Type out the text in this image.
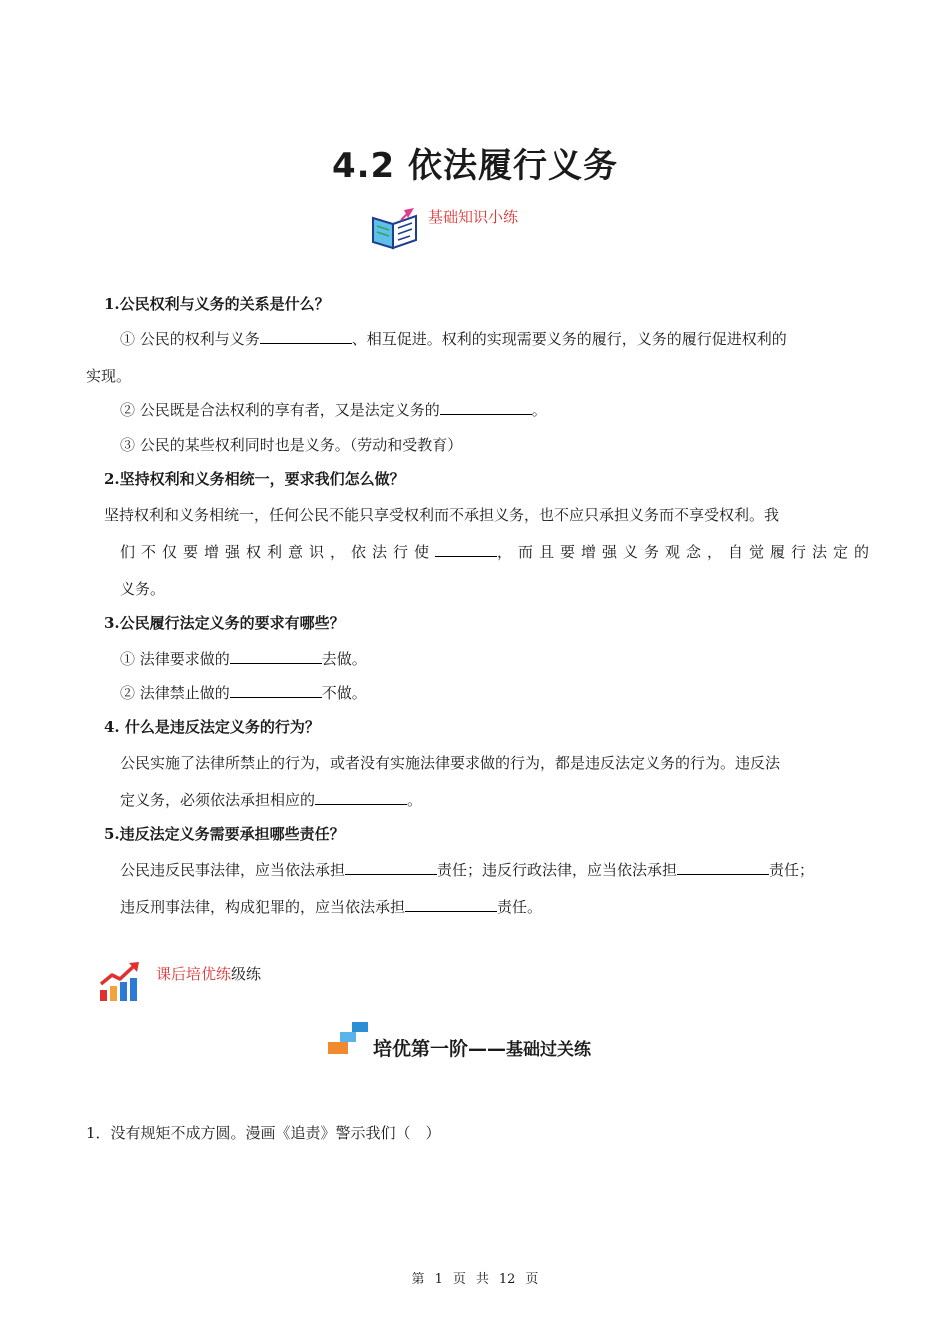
4.2 依法履行义务
基础知识小练
1.公民权利与义务的关系是什么？
① 公民的权利与义务	、相互促进。权利的实现需要义务的履行，义务的履行促进权利的
实现。
② 公民既是合法权利的享有者，又是法定义务的	。
③ 公民的某些权利同时也是义务。（劳动和受教育）
2.坚持权利和义务相统一，要求我们怎么做？
坚持权利和义务相统一，任何公民不能只享受权利而不承担义务，也不应只承担义务而不享受权利。我
们不仅要增强权利意识，依法行使	，而且要增强义务观念，自觉履行法定的
义务。
3.公民履行法定义务的要求有哪些？
① 法律要求做的	去做。
② 法律禁止做的	不做。
4. 什么是违反法定义务的行为？
公民实施了法律所禁止的行为，或者没有实施法律要求做的行为，都是违反法定义务的行为。违反法
定义务，必须依法承担相应的	。
5.违反法定义务需要承担哪些责任？
公民违反民事法律，应当依法承担	责任；违反行政法律，应当依法承担	责任；
违反刑事法律，构成犯罪的，应当依法承担	责任。
课后培优练级练
培优第一阶——基础过关练
1．没有规矩不成方圆。漫画《追责》警示我们（　）
第 1 页 共 12 页
